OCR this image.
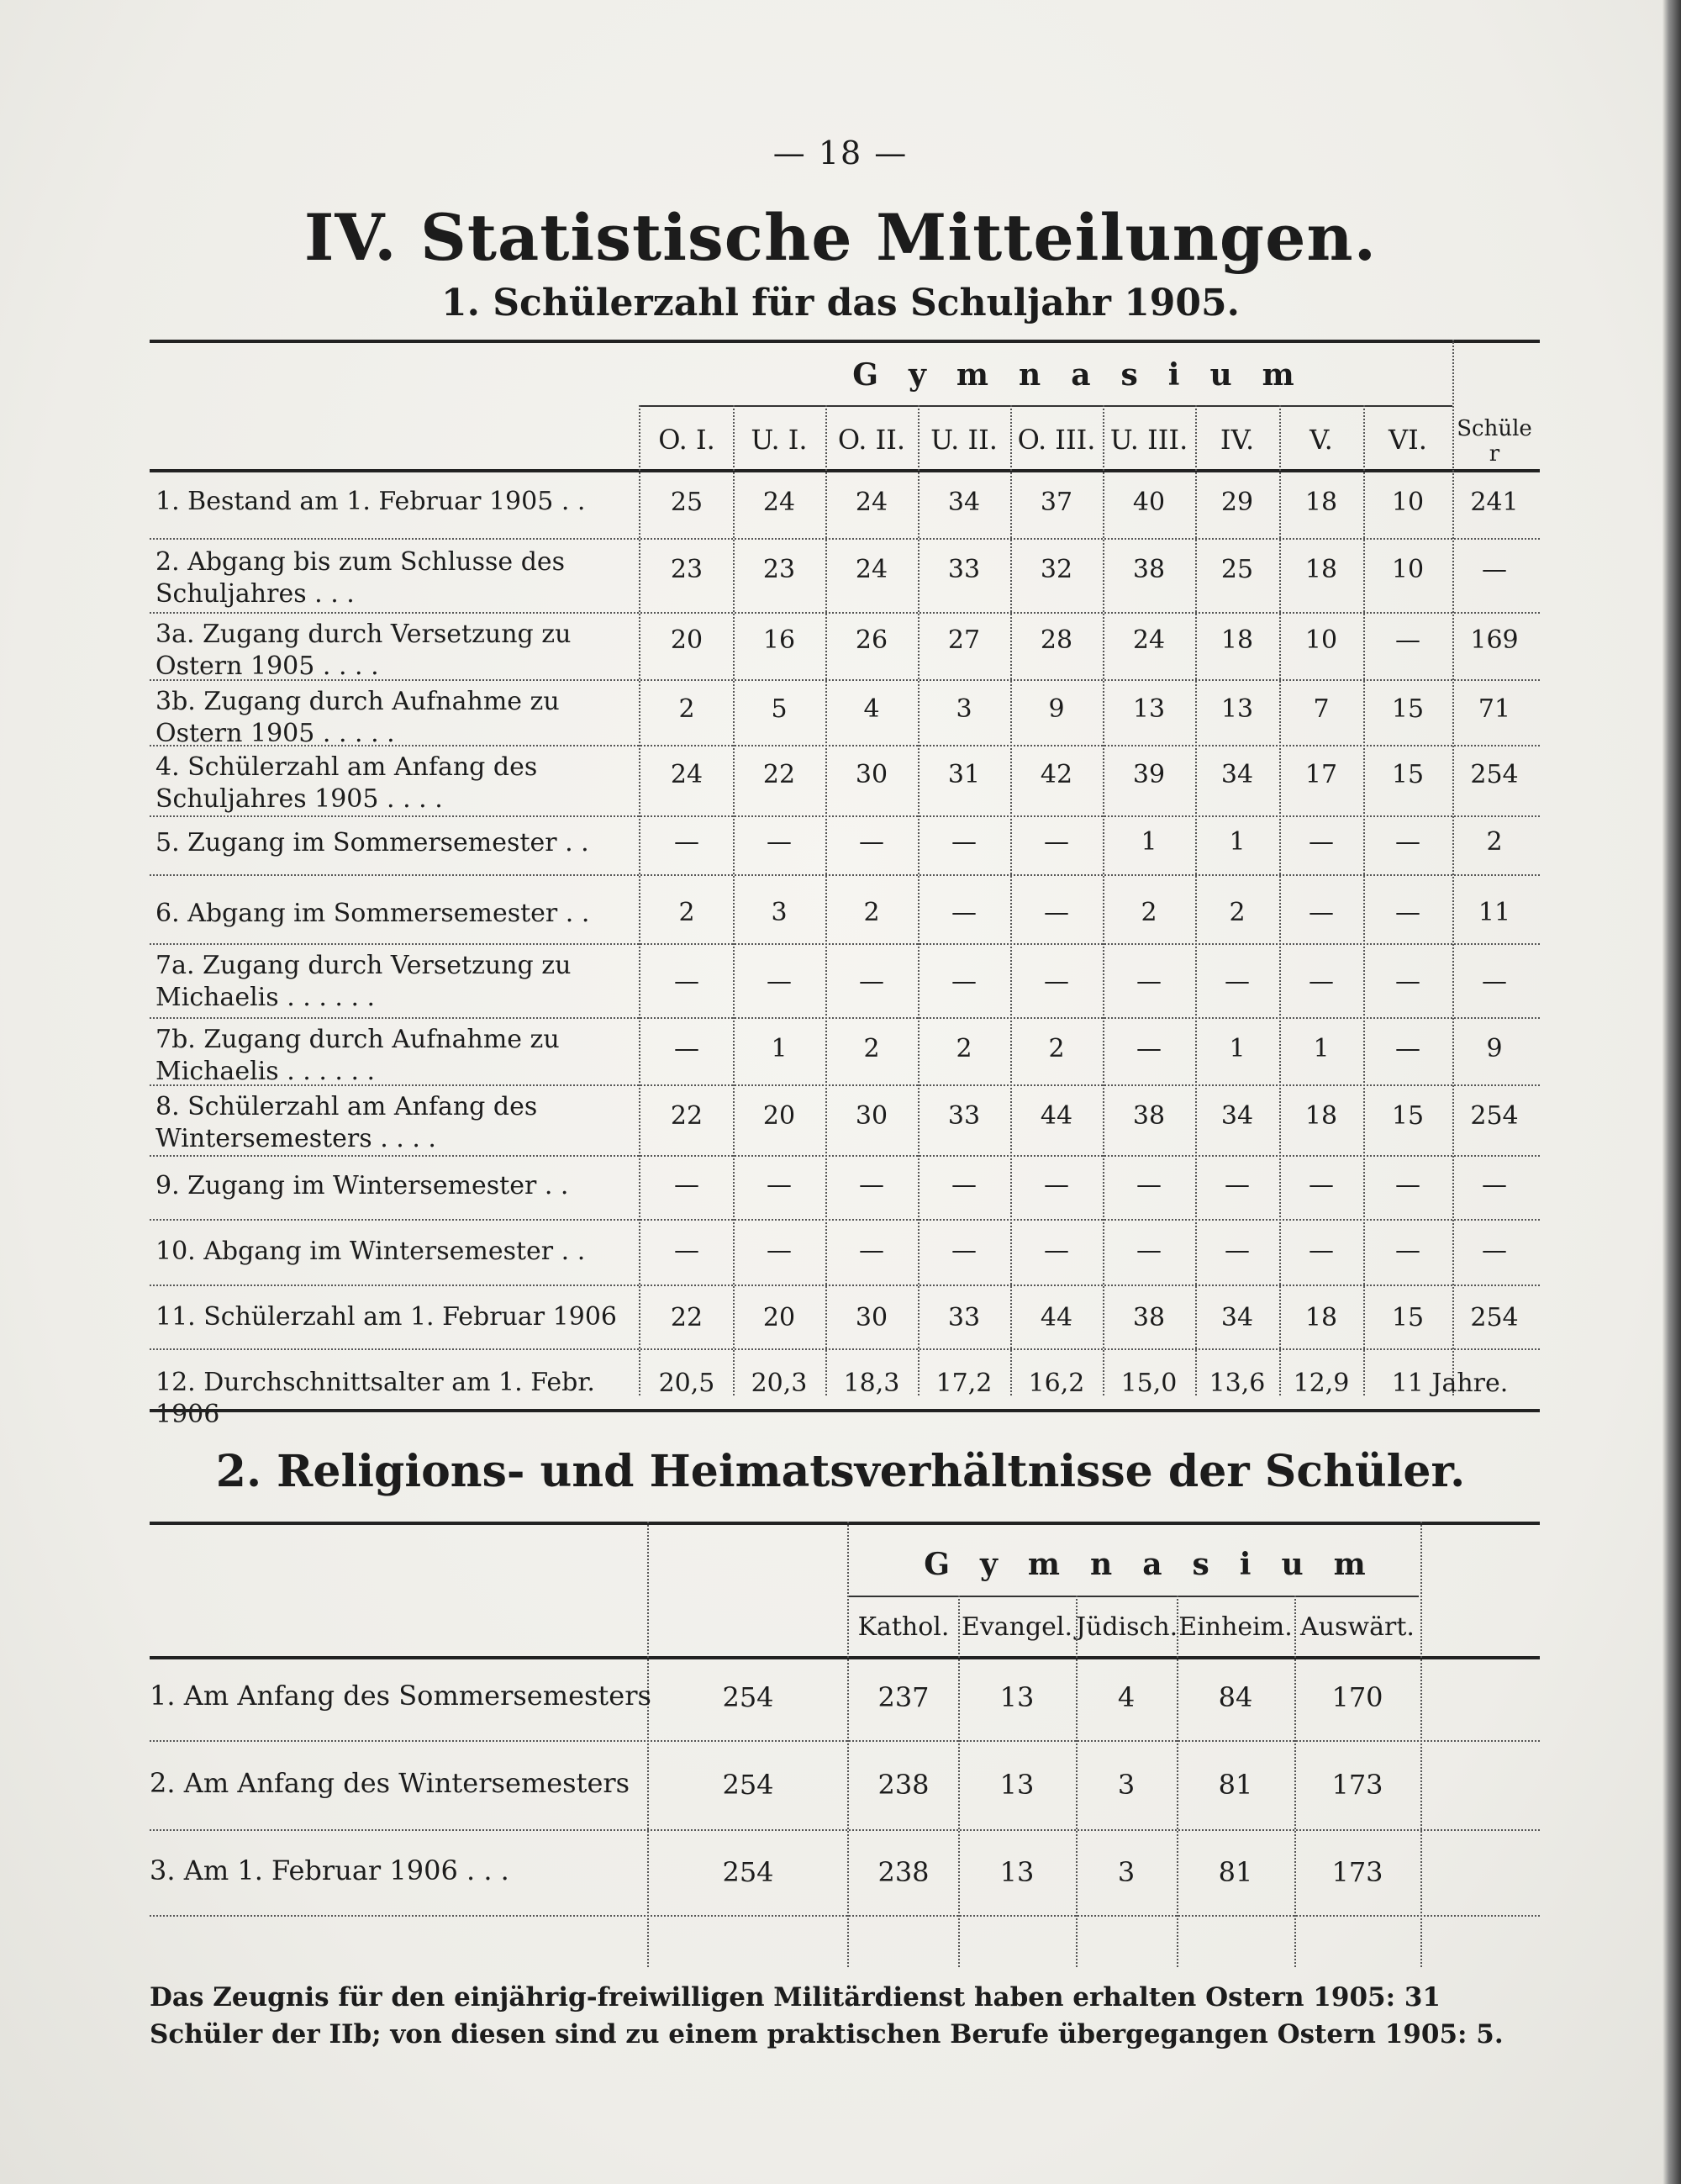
— 18 —
IV. Statistische Mitteilungen.
1. Schülerzahl für das Schuljahr 1905.
Gymnasium
O. I.	U. I.	O. II. U. II. O. III. U. III.	IV.	V.	VI.	Schüler
1. Bestand am 1. Februar 1905 . .	25	24	24	34	37	40	29	18	10	241
2. Abgang bis zum Schlusse des Schuljahres . . .
23	23	24	33	32	38	25	18	10	—
3a. Zugang durch Versetzung zu Ostern 1905 . . . .
20	16	26	27	28	24	18	10	—	169
3b. Zugang durch Aufnahme zu Ostern 1905 . . . . .
2	5	4	3	9	13	13	7	15	71
4. Schülerzahl am Anfang des Schuljahres 1905 . . . .
24	22	30	31	42	39	34	17	15	254
5. Zugang im Sommersemester . .	—	—	—	—	—	1	1	—	—	2
6. Abgang im Sommersemester . .	2	3	2	—	—	2	2	—	—	11
7a. Zugang durch Versetzung zu Michaelis . . . . . .
—	—	—	—	—	—	—	—	—	—
7b. Zugang durch Aufnahme zu Michaelis . . . . . .
—	1	2	2	2	—	1	1	—	9
8. Schülerzahl am Anfang des Wintersemesters . . . .
22	20	30	33	44	38	34	18	15	254
9. Zugang im Wintersemester . .	—	—	—	—	—	—	—	—	—	—
10. Abgang im Wintersemester . .	—	—	—	—	—	—	—	—	—	—
11. Schülerzahl am 1. Februar 1906	22	20	30	33	44	38	34	18	15	254
12. Durchschnittsalter am 1. Febr. 1906
20,5	20,3	18,3	17,2	16,2	15,0	13,6	12,9	11 Jahre.
2. Religions- und Heimatsverhältnisse der Schüler.
Gymnasium
Kathol. Evangel. Jüdisch. Einheim. Auswärt.
1. Am Anfang des Sommersemesters	254	237	13	4	84	170
2. Am Anfang des Wintersemesters	254	238	13	3	81	173
3. Am 1. Februar 1906 . . .	254	238	13	3	81	173
Das Zeugnis für den einjährig-freiwilligen Militärdienst haben erhalten Ostern 1905: 31 Schüler der IIb; von diesen sind zu einem praktischen Berufe übergegangen Ostern 1905: 5.
